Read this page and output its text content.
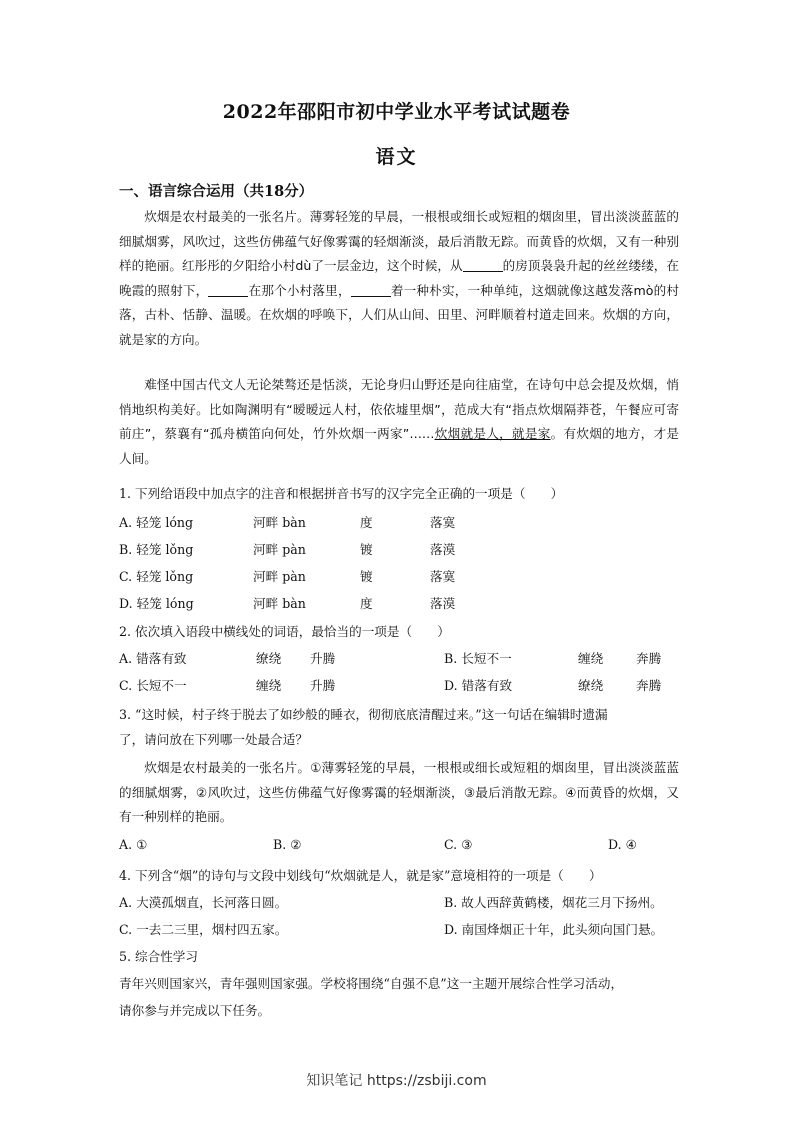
2022年邵阳市初中学业水平考试试题卷
语文
一、语言综合运用（共18分）
炊烟是农村最美的一张名片。薄雾轻笼的早晨，一根根或细长或短粗的烟囱里，冒出淡淡蓝蓝的细腻烟雾，风吹过，这些仿佛蕴气好像雾霭的轻烟渐淡，最后消散无踪。而黄昏的炊烟，又有一种别样的艳丽。红彤彤的夕阳给小村dù了一层金边，这个时候，从	的房顶袅袅升起的丝丝缕缕，在晚霞的照射下，	在那个小村落里，	着一种朴实，一种单纯，这烟就像这越发落mò的村落，古朴、恬静、温暖。在炊烟的呼唤下，人们从山间、田里、河畔顺着村道走回来。炊烟的方向，就是家的方向。
难怪中国古代文人无论桀骜还是恬淡，无论身归山野还是向往庙堂，在诗句中总会提及炊烟，悄悄地织构美好。比如陶渊明有“暧暧远人村，依依墟里烟”，范成大有“指点炊烟隔莽苍，午餐应可寄前庄”，蔡襄有“孤舟横笛向何处，竹外炊烟一两家”……炊烟就是人，就是家。有炊烟的地方，才是人间。
1. 下列给语段中加点字的注音和根据拼音书写的汉字完全正确的一项是（　　）
A. 轻笼 lóng	河畔 bàn	度	落寞
B. 轻笼 lǒng	河畔 pàn	镀	落漠
C. 轻笼 lǒng	河畔 pàn	镀	落寞
D. 轻笼 lóng	河畔 bàn	度	落漠
2. 依次填入语段中横线处的词语，最恰当的一项是（　　）
A. 错落有致	缭绕 升腾	B. 长短不一	缠绕	奔腾
C. 长短不一	缠绕 升腾	D. 错落有致	缭绕	奔腾
3. “这时候，村子终于脱去了如纱般的睡衣，彻彻底底清醒过来。”这一句话在编辑时遗漏
了，请问放在下列哪一处最合适？
炊烟是农村最美的一张名片。①薄雾轻笼的早晨，一根根或细长或短粗的烟囱里，冒出淡淡蓝蓝的细腻烟雾，②风吹过，这些仿佛蕴气好像雾霭的轻烟渐淡，③最后消散无踪。④而黄昏的炊烟，又有一种别样的艳丽。
A. ①	B. ②	C. ③	D. ④
4. 下列含“烟”的诗句与文段中划线句“炊烟就是人，就是家”意境相符的一项是（　　）
A. 大漠孤烟直，长河落日圆。	B. 故人西辞黄鹤楼，烟花三月下扬州。
C. 一去二三里，烟村四五家。	D. 南国烽烟正十年，此头须向国门悬。
5. 综合性学习
青年兴则国家兴，青年强则国家强。学校将围绕“自强不息”这一主题开展综合性学习活动，
请你参与并完成以下任务。
知识笔记 https://zsbiji.com
